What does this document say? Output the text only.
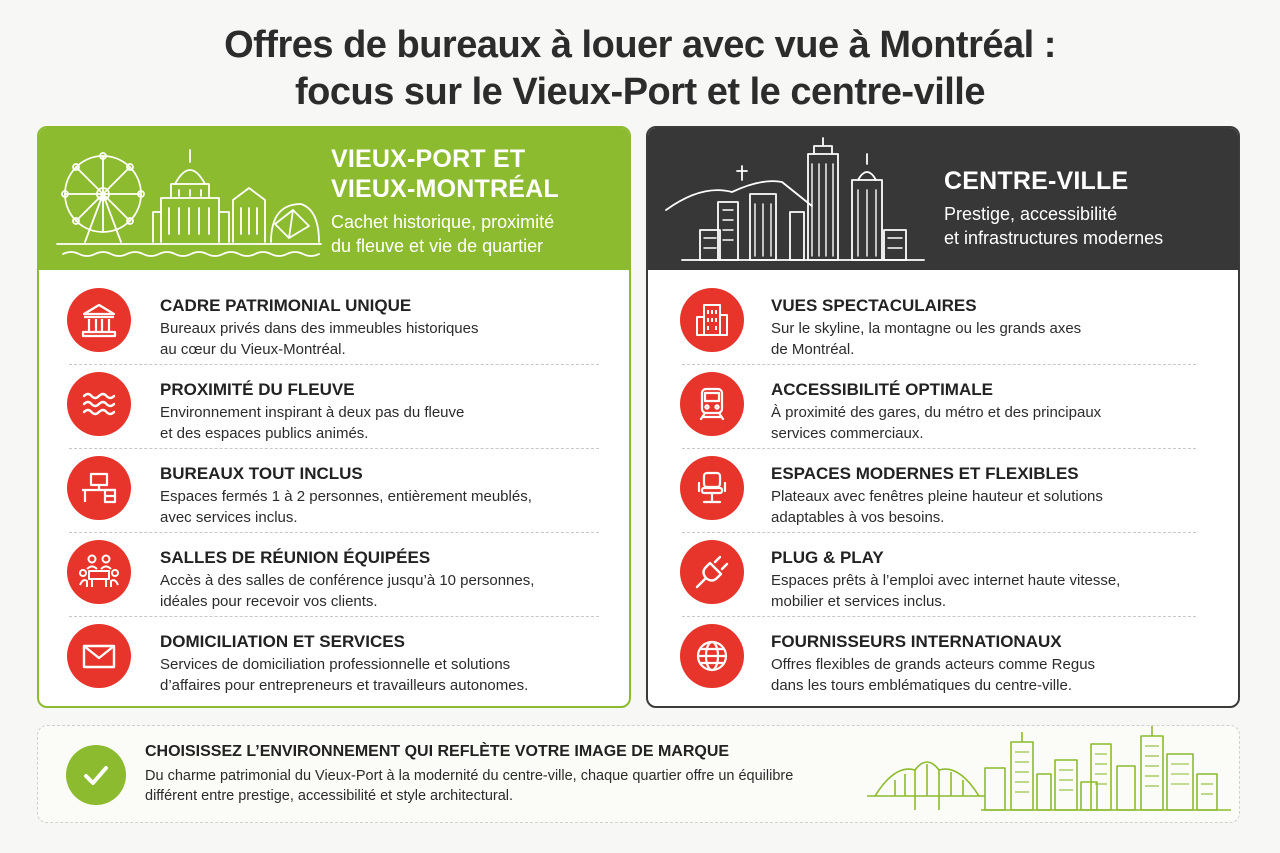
Offres de bureaux à louer avec vue à Montréal :
focus sur le Vieux-Port et le centre-ville
VIEUX-PORT ET
VIEUX-MONTRÉAL
Cachet historique, proximité
du fleuve et vie de quartier
CADRE PATRIMONIAL UNIQUE
Bureaux privés dans des immeubles historiques
au cœur du Vieux-Montréal.
PROXIMITÉ DU FLEUVE
Environnement inspirant à deux pas du fleuve
et des espaces publics animés.
BUREAUX TOUT INCLUS
Espaces fermés 1 à 2 personnes, entièrement meublés,
avec services inclus.
SALLES DE RÉUNION ÉQUIPÉES
Accès à des salles de conférence jusqu’à 10 personnes,
idéales pour recevoir vos clients.
DOMICILIATION ET SERVICES
Services de domiciliation professionnelle et solutions
d’affaires pour entrepreneurs et travailleurs autonomes.
CENTRE-VILLE
Prestige, accessibilité
et infrastructures modernes
VUES SPECTACULAIRES
Sur le skyline, la montagne ou les grands axes
de Montréal.
ACCESSIBILITÉ OPTIMALE
À proximité des gares, du métro et des principaux
services commerciaux.
ESPACES MODERNES ET FLEXIBLES
Plateaux avec fenêtres pleine hauteur et solutions
adaptables à vos besoins.
PLUG & PLAY
Espaces prêts à l’emploi avec internet haute vitesse,
mobilier et services inclus.
FOURNISSEURS INTERNATIONAUX
Offres flexibles de grands acteurs comme Regus
dans les tours emblématiques du centre-ville.
CHOISISSEZ L’ENVIRONNEMENT QUI REFLÈTE VOTRE IMAGE DE MARQUE
Du charme patrimonial du Vieux-Port à la modernité du centre-ville, chaque quartier offre un équilibre
différent entre prestige, accessibilité et style architectural.
